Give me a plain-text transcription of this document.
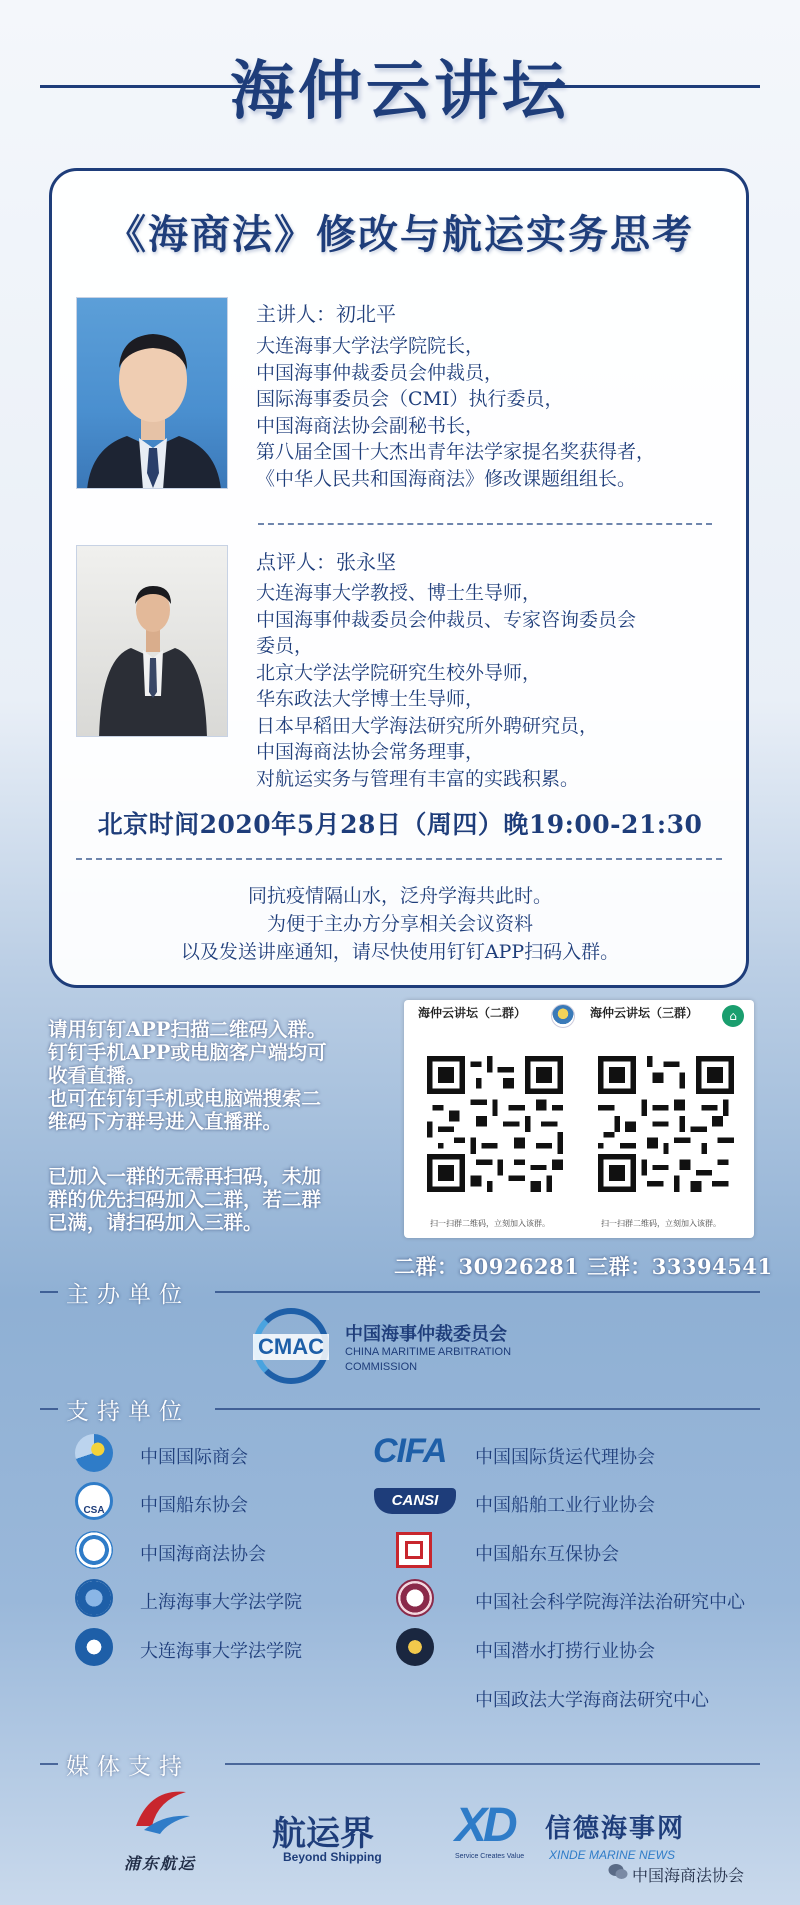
海仲云讲坛
《海商法》修改与航运实务思考
主讲人：初北平
大连海事大学法学院院长，
中国海事仲裁委员会仲裁员，
国际海事委员会（CMI）执行委员，
中国海商法协会副秘书长，
第八届全国十大杰出青年法学家提名奖获得者，
《中华人民共和国海商法》修改课题组组长。
点评人：张永坚
大连海事大学教授、博士生导师，
中国海事仲裁委员会仲裁员、专家咨询委员会
委员，
北京大学法学院研究生校外导师，
华东政法大学博士生导师，
日本早稻田大学海法研究所外聘研究员，
中国海商法协会常务理事，
对航运实务与管理有丰富的实践积累。
北京时间2020年5月28日（周四）晚19:00-21:30
同抗疫情隔山水，泛舟学海共此时。
为便于主办方分享相关会议资料
以及发送讲座通知，请尽快使用钉钉APP扫码入群。
请用钉钉APP扫描二维码入群。
钉钉手机APP或电脑客户端均可
收看直播。
也可在钉钉手机或电脑端搜索二
维码下方群号进入直播群。
已加入一群的无需再扫码，未加
群的优先扫码加入二群，若二群
已满，请扫码加入三群。
海仲云讲坛（二群）	海仲云讲坛（三群）	⌂
扫一扫群二维码，立刻加入该群。	扫一扫群二维码，立刻加入该群。
二群：30926281 三群：33394541
主办单位
CMAC 中国海事仲裁委员会
CHINA MARITIME ARBITRATION
COMMISSION
支持单位
中国国际商会
CSA	中国船东协会
中国海商法协会
上海海事大学法学院
大连海事大学法学院
CIFA	中国国际货运代理协会
CANSI	中国船舶工业行业协会
中国船东互保协会
中国社会科学院海洋法治研究中心
中国潜水打捞行业协会
中国政法大学海商法研究中心
媒体支持
浦东航运
航运界
Beyond Shipping
XD
Service Creates Value
信德海事网
XINDE MARINE NEWS
中国海商法协会
